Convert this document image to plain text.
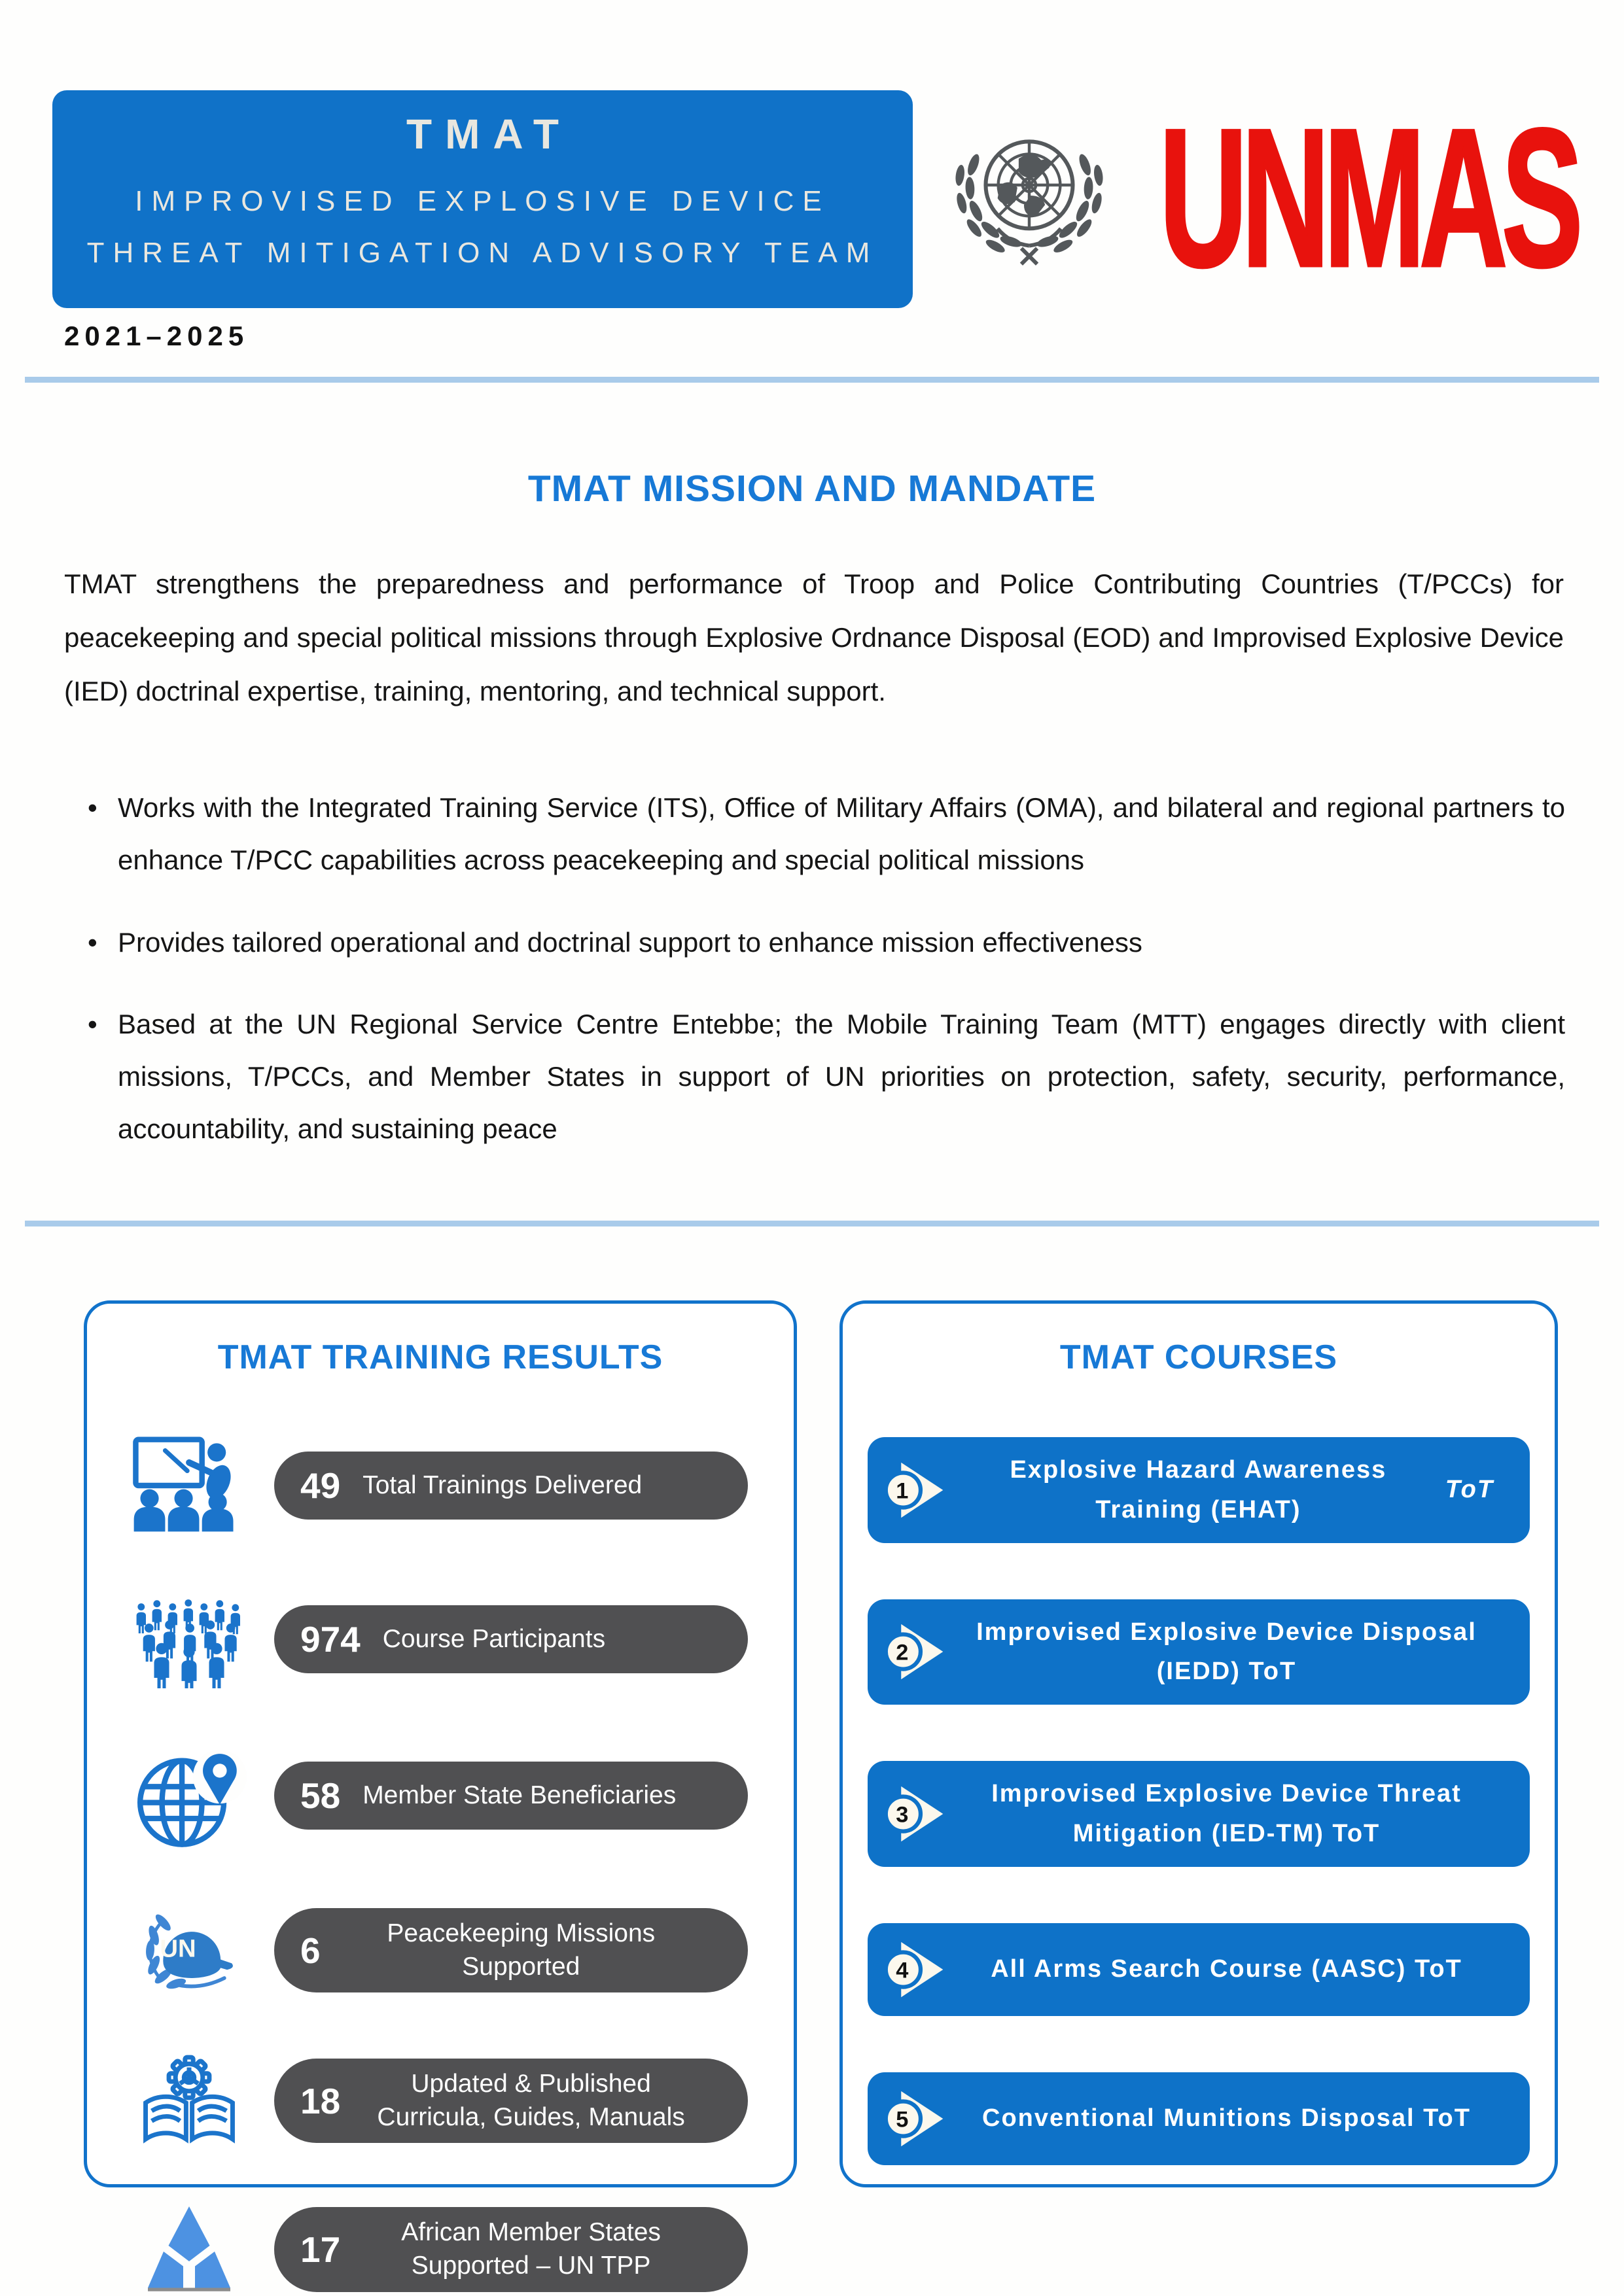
TMAT
IMPROVISED EXPLOSIVE DEVICE
THREAT MITIGATION ADVISORY TEAM UNMAS
2021–2025
TMAT MISSION AND MANDATE

TMAT strengthens the preparedness and performance of Troop and Police Contributing Countries (T/PCCs) for peacekeeping and special political missions through Explosive Ordnance Disposal (EOD) and Improvised Explosive Device (IED) doctrinal expertise, training, mentoring, and technical support.

• Works with the Integrated Training Service (ITS), Office of Military Affairs (OMA), and bilateral and regional partners to enhance T/PCC capabilities across peacekeeping and special political missions
• Provides tailored operational and doctrinal support to enhance mission effectiveness
• Based at the UN Regional Service Centre Entebbe; the Mobile Training Team (MTT) engages directly with client missions, T/PCCs, and Member States in support of UN priorities on protection, safety, security, performance, accountability, and sustaining peace
TMAT TRAINING RESULTS
49 Total Trainings Delivered
974 Course Participants
58 Member State Beneficiaries
UN	6	Peacekeeping Missions Supported
18	Updated & Published Curricula, Guides, Manuals
17	African Member States Supported – UN TPP
TMAT COURSES
1
Explosive Hazard Awareness Training (EHAT)
ToT
2
Improvised Explosive Device Disposal (IEDD) ToT
3
Improvised Explosive Device Threat Mitigation (IED-TM) ToT
4	All Arms Search Course (AASC) ToT
5	Conventional Munitions Disposal ToT
